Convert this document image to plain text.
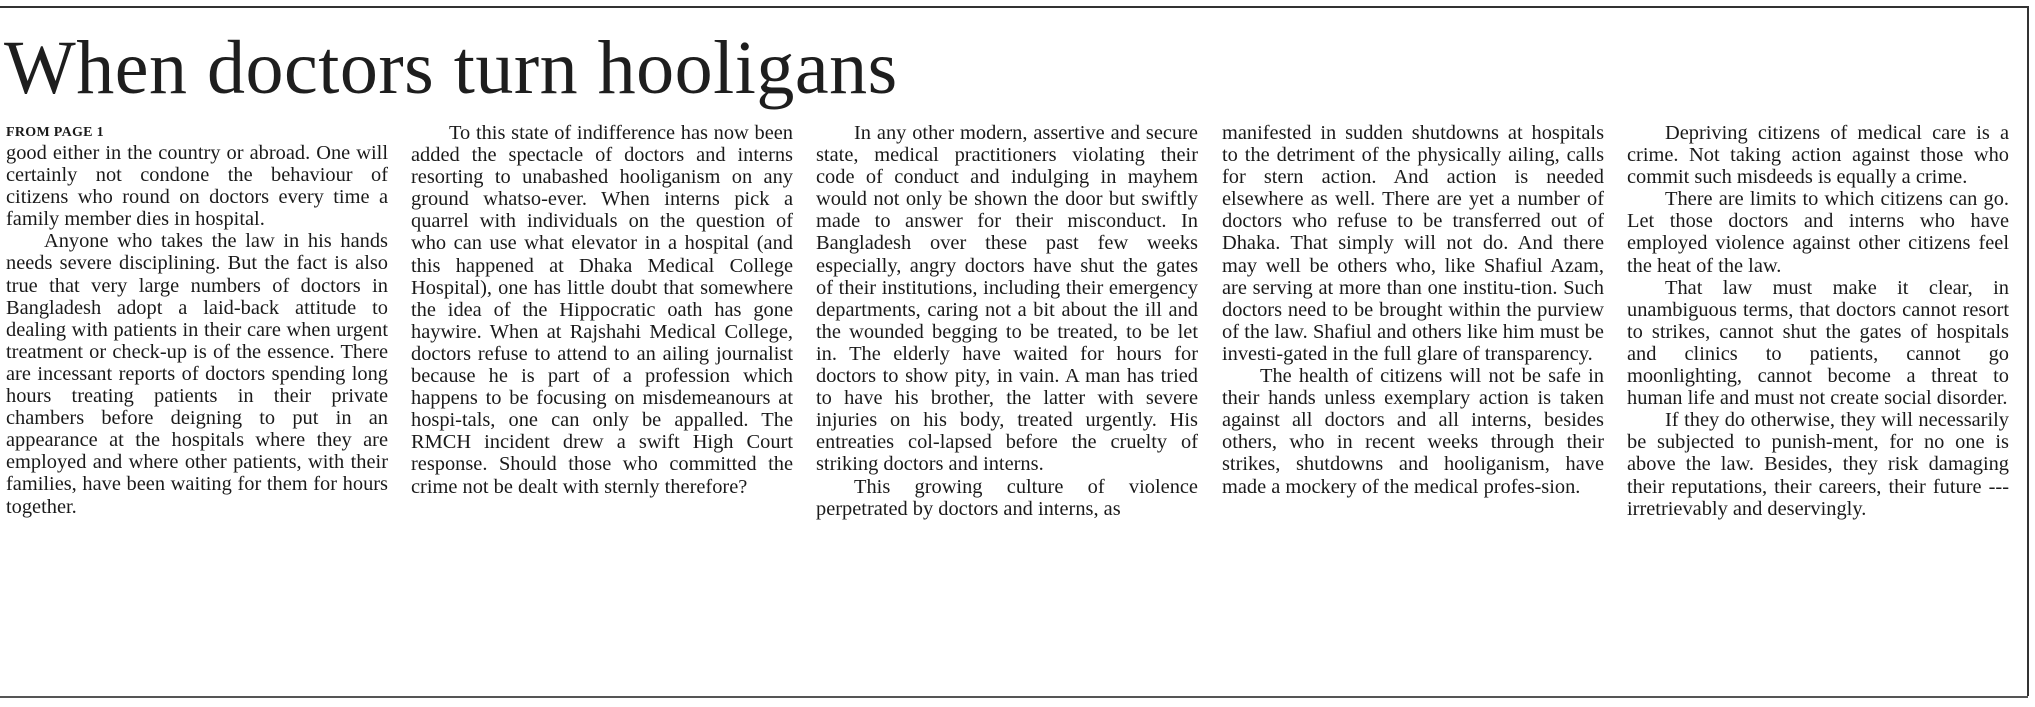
When doctors turn hooligans
FROM PAGE 1

good either in the country or abroad. One will certainly not condone the behaviour of citizens who round on doctors every time a family member dies in hospital.

Anyone who takes the law in his hands needs severe disciplining. But the fact is also true that very large numbers of doctors in Bangladesh adopt a laid-back attitude to dealing with patients in their care when urgent treatment or check-up is of the essence. There are incessant reports of doctors spending long hours treating patients in their private chambers before deigning to put in an appearance at the hospitals where they are employed and where other patients, with their families, have been waiting for them for hours together.

To this state of indifference has now been added the spectacle of doctors and interns resorting to unabashed hooliganism on any ground whatso-ever. When interns pick a quarrel with individuals on the question of who can use what elevator in a hospital (and this happened at Dhaka Medical College Hospital), one has little doubt that somewhere the idea of the Hippocratic oath has gone haywire. When at Rajshahi Medical College, doctors refuse to attend to an ailing journalist because he is part of a profession which happens to be focusing on misdemeanours at hospi-tals, one can only be appalled. The RMCH incident drew a swift High Court response. Should those who committed the crime not be dealt with sternly therefore?

In any other modern, assertive and secure state, medical practitioners violating their code of conduct and indulging in mayhem would not only be shown the door but swiftly made to answer for their misconduct. In Bangladesh over these past few weeks especially, angry doctors have shut the gates of their institutions, including their emergency departments, caring not a bit about the ill and the wounded begging to be treated, to be let in. The elderly have waited for hours for doctors to show pity, in vain. A man has tried to have his brother, the latter with severe injuries on his body, treated urgently. His entreaties col-lapsed before the cruelty of striking doctors and interns.

This growing culture of violence perpetrated by doctors and interns, as

manifested in sudden shutdowns at hospitals to the detriment of the physically ailing, calls for stern action. And action is needed elsewhere as well. There are yet a number of doctors who refuse to be transferred out of Dhaka. That simply will not do. And there may well be others who, like Shafiul Azam, are serving at more than one institu-tion. Such doctors need to be brought within the purview of the law. Shafiul and others like him must be investi-gated in the full glare of transparency.

The health of citizens will not be safe in their hands unless exemplary action is taken against all doctors and all interns, besides others, who in recent weeks through their strikes, shutdowns and hooliganism, have made a mockery of the medical profes-sion.

Depriving citizens of medical care is a crime. Not taking action against those who commit such misdeeds is equally a crime.

There are limits to which citizens can go. Let those doctors and interns who have employed violence against other citizens feel the heat of the law.

That law must make it clear, in unambiguous terms, that doctors cannot resort to strikes, cannot shut the gates of hospitals and clinics to patients, cannot go moonlighting, cannot become a threat to human life and must not create social disorder.

If they do otherwise, they will necessarily be subjected to punish-ment, for no one is above the law. Besides, they risk damaging their reputations, their careers, their future --- irretrievably and deservingly.
